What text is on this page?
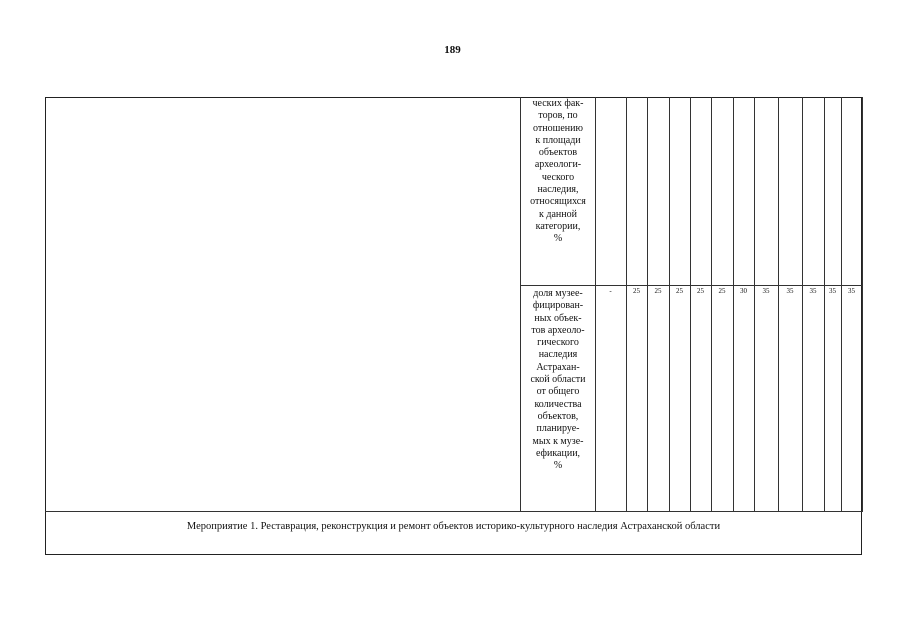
189
ческих фак-
торов, по
отношению
к площади
объектов
археологи-
ческого
наследия,
относящихся
к данной
категории,
%
доля музее-
фицирован-
ных объек-
тов археоло-
гического
наследия
Астрахан-
ской области
от общего
количества
объектов,
планируе-
мых к музе-
ефикации,
%
-	25	25	25	25	25	30	35	35	35	35	35
Мероприятие 1. Реставрация, реконструкция и ремонт объектов историко-культурного наследия Астраханской области
